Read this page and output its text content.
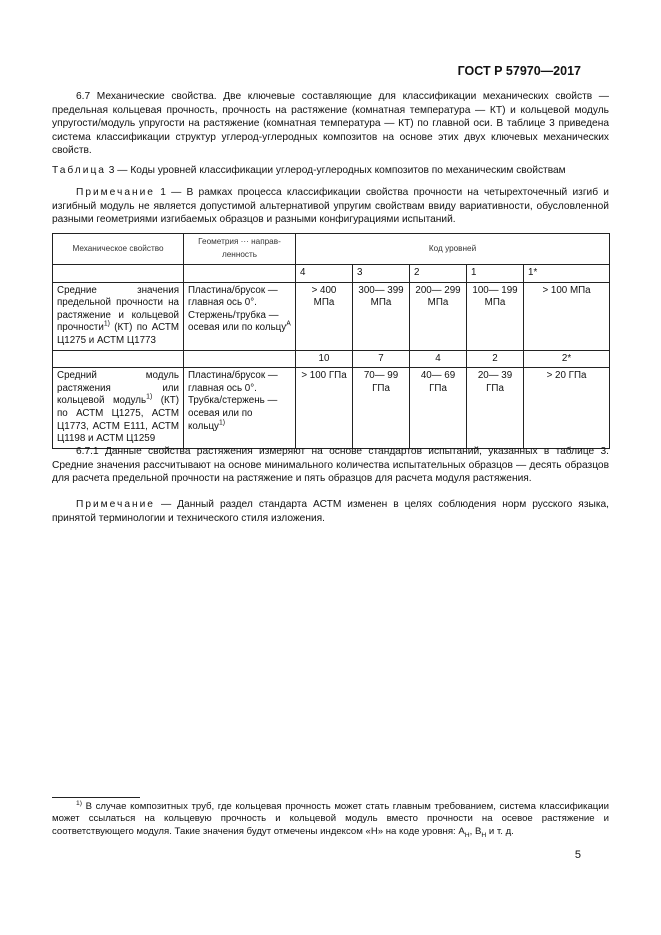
ГОСТ Р 57970—2017
6.7 Механические свойства. Две ключевые составляющие для классификации механических свойств — предельная кольцевая прочность, прочность на растяжение (комнатная температура — КТ) и кольцевой модуль упругости/модуль упругости на растяжение (комнатная температура — КТ) по главной оси. В таблице 3 приведена система классификации структур углерод-углеродных композитов на основе этих двух ключевых механических свойств.
Таблица 3 — Коды уровней классификации углерод-углеродных композитов по механическим свойствам
Примечание 1 — В рамках процесса классификации свойства прочности на четырехточечный изгиб и изгибный модуль не является допустимой альтернативой упругим свойствам ввиду вариативности, обусловленной разными геометриями изгибаемых образцов и разными конфигурациями испытаний.
Механическое свойство	Геометрия ··· направ-ленность	Код уровней				
		4	3	2	1	1*
Средние значения предельной прочности на растяжение и кольцевой прочности$^{1)}$ (КТ) по АСТМ Ц1275 и АСТМ Ц1773	Пластина/брусок — главная ось 0°. Стержень/трубка — осевая или по кольцу$^A$	> 400 МПа	300— 399 МПа	200— 299 МПа	100— 199 МПа	> 100 МПа
		10	7	4	2	2*
Средний модуль растяжения или кольцевой модуль$^{1)}$ (КТ) по АСТМ Ц1275, АСТМ Ц1773, АСТМ Е111, АСТМ Ц1198 и АСТМ Ц1259	Пластина/брусок — главная ось 0°. Трубка/стержень — осевая или по кольцу$^{1)}$	> 100 ГПа	70— 99 ГПа	40— 69 ГПа	20— 39 ГПа	> 20 ГПа
6.7.1 Данные свойства растяжения измеряют на основе стандартов испытаний, указанных в таблице 3. Средние значения рассчитывают на основе минимального количества испытательных образцов — десять образцов для расчета предельной прочности на растяжение и пять образцов для расчета модуля растяжения.
Примечание — Данный раздел стандарта АСТМ изменен в целях соблюдения норм русского языка, принятой терминологии и технического стиля изложения.
$^{1)}$ В случае композитных труб, где кольцевая прочность может стать главным требованием, система классификации может ссылаться на кольцевую прочность и кольцевой модуль вместо прочности на осевое растяжение и соответствующего модуля. Такие значения будут отмечены индексом «Н» на коде уровня: $А_Н$, $В_Н$ и т. д.
5
